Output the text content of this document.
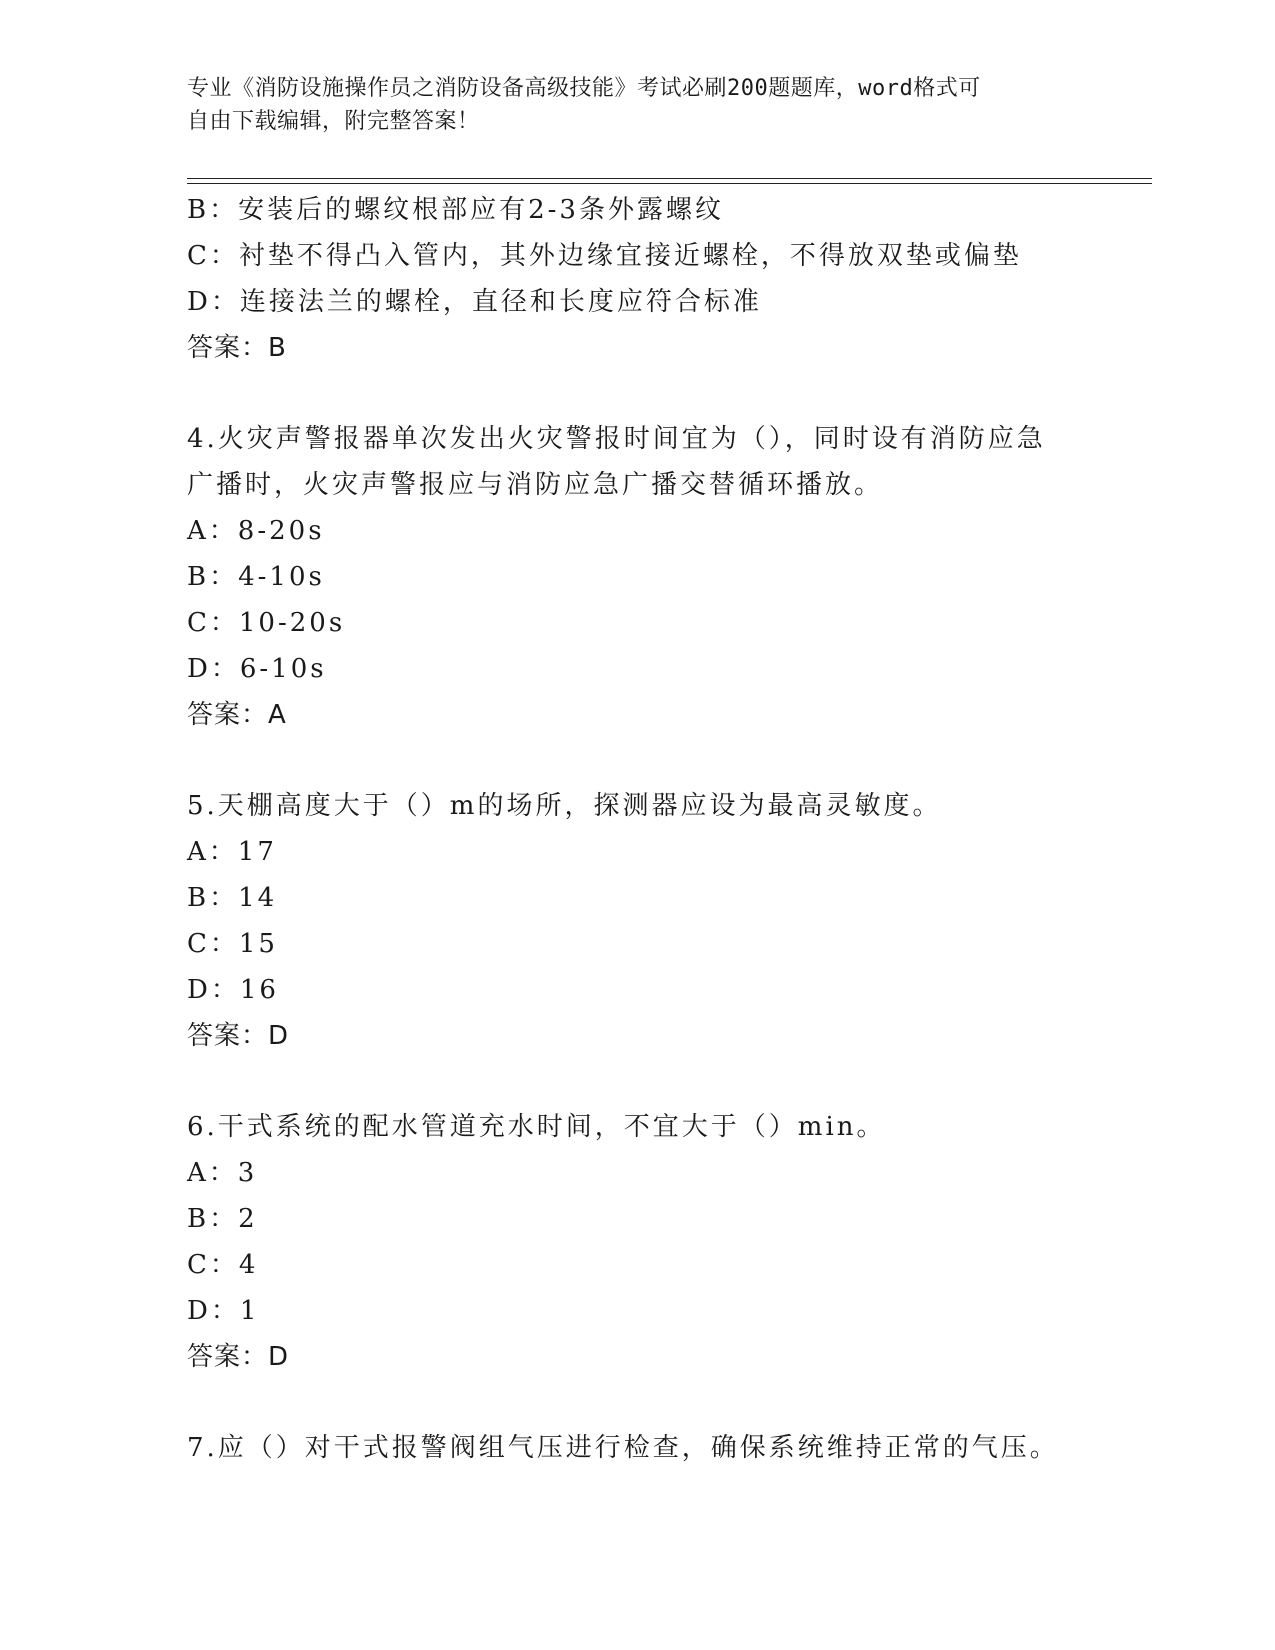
专业《消防设施操作员之消防设备高级技能》考试必刷200题题库，word格式可
自由下载编辑，附完整答案！
B：安装后的螺纹根部应有2-3条外露螺纹
C：衬垫不得凸入管内，其外边缘宜接近螺栓，不得放双垫或偏垫
D：连接法兰的螺栓，直径和长度应符合标准
答案：B
4.火灾声警报器单次发出火灾警报时间宜为（），同时设有消防应急
广播时，火灾声警报应与消防应急广播交替循环播放。
A：8-20s
B：4-10s
C：10-20s
D：6-10s
答案：A
5.天棚高度大于（）m的场所，探测器应设为最高灵敏度。
A：17
B：14
C：15
D：16
答案：D
6.干式系统的配水管道充水时间，不宜大于（）min。
A：3
B：2
C：4
D：1
答案：D
7.应（）对干式报警阀组气压进行检查，确保系统维持正常的气压。
